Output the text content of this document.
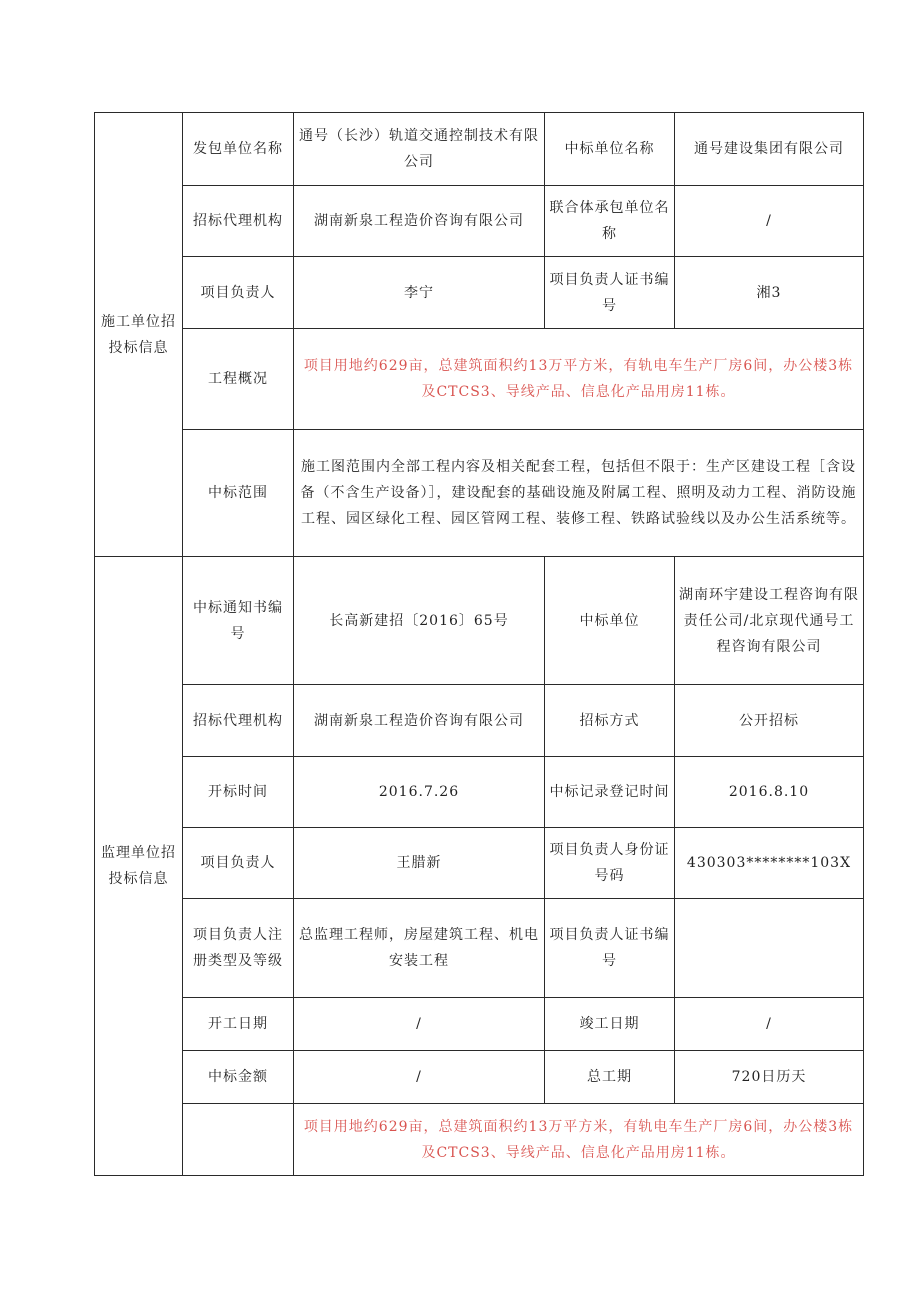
施工单位招投标信息	发包单位名称	通号（长沙）轨道交通控制技术有限公司	中标单位名称	通号建设集团有限公司
	招标代理机构	湖南新泉工程造价咨询有限公司	联合体承包单位名称	/
	项目负责人	李宁	项目负责人证书编号	湘3
	工程概况	项目用地约629亩，总建筑面积约13万平方米，有轨电车生产厂房6间，办公楼3栋及CTCS3、导线产品、信息化产品用房11栋。		
	中标范围	施工图范围内全部工程内容及相关配套工程，包括但不限于：生产区建设工程［含设备（不含生产设备）］，建设配套的基础设施及附属工程、照明及动力工程、消防设施工程、园区绿化工程、园区管网工程、装修工程、铁路试验线以及办公生活系统等。		
监理单位招投标信息	中标通知书编号	长高新建招〔2016〕65号	中标单位	湖南环宇建设工程咨询有限责任公司/北京现代通号工程咨询有限公司
	招标代理机构	湖南新泉工程造价咨询有限公司	招标方式	公开招标
	开标时间	2016.7.26	中标记录登记时间	2016.8.10
	项目负责人	王腊新	项目负责人身份证号码	430303********103X
	项目负责人注册类型及等级	总监理工程师，房屋建筑工程、机电安装工程	项目负责人证书编号	
	开工日期	/	竣工日期	/
	中标金额	/	总工期	720日历天
		项目用地约629亩，总建筑面积约13万平方米，有轨电车生产厂房6间，办公楼3栋及CTCS3、导线产品、信息化产品用房11栋。		
